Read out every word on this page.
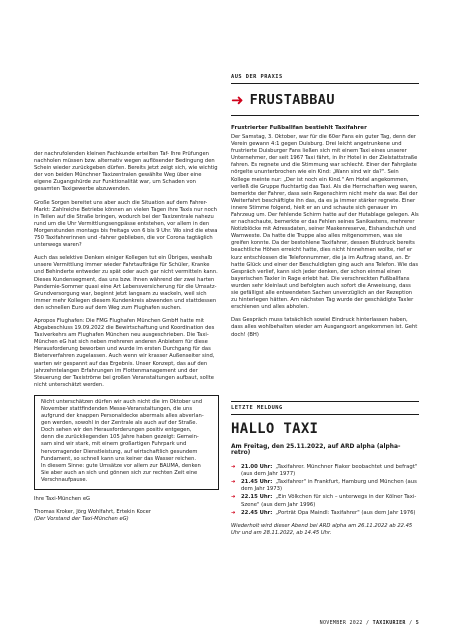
AUS DER PRAXIS
➜ FRUSTABBAU
Frustrierter Fußballfan bestiehlt Taxifahrer

Der Samstag, 3. Oktober, war für die 60er Fans ein guter Tag, denn der Verein gewann 4:1 gegen Duisburg. Drei leicht angetrunkene und frustrierte Duisburger Fans ließen sich mit einem Taxi eines unserer Unternehmer, der seit 1967 Taxi fährt, in ihr Hotel in der Zielstattstraße fahren. Es regnete und die Stimmung war schlecht. Einer der Fahrgäste nörgelte ununterbrochen wie ein Kind: „Wann sind wir da?". Sein Kollege meinte nur: „Der ist noch ein Kind." Am Hotel angekommen, verließ die Gruppe fluchtartig das Taxi. Als die Herrschaften weg waren, bemerkte der Fahrer, dass sein Regenschirm nicht mehr da war. Bei der Weiterfahrt beschäftigte ihn das, da es ja immer stärker regnete. Einer innere Stimme folgend, hielt er an und schaute sich genauer im Fahrzeug um. Der fehlende Schirm hatte auf der Hutablage gelegen. Als er nachschaute, bemerkte er das Fehlen seines Sanikastens, mehrerer Notizblöcke mit Adressdaten, seiner Maskenreserve, Eishandschuh und Warnweste. Da hatte die Truppe also alles mitgenommen, was sie greifen konnte. Da der bestohlene Taxifahrer, dessen Blutdruck bereits beachtliche Höhen erreicht hatte, dies nicht hinnehmen wollte, rief er kurz entschlossen die Telefonnummer, die ja im Auftrag stand, an. Er hatte Glück und einer der Beschuldigten ging auch ans Telefon. Wie das Gespräch verlief, kann sich jeder denken, der schon einmal einen bayerischen Taxler in Rage erlebt hat. Die verschreckten Fußballfans wurden sehr kleinlaut und befolgten auch sofort die Anweisung, dass sie gefälligst alle entwendeten Sachen unverzüglich an der Rezeption zu hinterlegen hätten. Am nächsten Tag wurde der geschädigte Taxler erschienen und alles abholen.

Das Gespräch muss tatsächlich sowiel Eindruck hinterlassen haben, dass alles wohlbehalten wieder am Ausgangsort angekommen ist. Geht doch! (BH)

der nachrufolenden kleinen Fachkunde erteilten Taf- Ihre Prüfungen nachholen müssen bzw. alternativ wegen auflösender Bedingung den Schein wieder zurückgeben dürfen. Bereits jetzt zeigt sich, wie wichtig der von beiden Münchner Taxizentralen gewählte Weg über eine eigene Zugangshürde zur Funktionalität war, um Schaden von gesamten Taxigewerbe abzuwenden.

Große Sorgen bereitet uns aber auch die Situation auf dem Fahrer-Markt: Zahlreiche Betriebe können an vielen Tagen ihre Taxis nur noch in Teilen auf die Straße bringen, wodurch bei der Taxizentrale nahezu rund um die Uhr Vermittlungsengpässe entstehen, vor allem in den Morgenstunden montags bis freitags von 6 bis 9 Uhr. Wo sind die etwa 750 Taxifahrerinnen und -fahrer geblieben, die vor Corona tagtäglich unterwegs waren?

Auch das selektive Denken einiger Kollegen tut ein Übriges, weshalb unsere Vermittlung immer wieder Fahrtaufträge für Schüler, Kranke und Behinderte entweder zu spät oder auch gar nicht vermitteln kann. Dieses Kundensegment, das uns bzw. Ihnen während der zwei harten Pandemie-Sommer quasi eine Art Lebensversicherung für die Umsatz-Grundversorgung war, beginnt jetzt langsam zu wackeln, weil sich immer mehr Kollegen diesem Kundenkreis abwenden und stattdessen den schnellen Euro auf dem Weg zum Flughafen suchen.

Apropos Flughafen: Die FMG Flughafen München GmbH hatte mit Abgabeschluss 19.09.2022 die Bewirtschaftung und Koordination des Taxiverkehrs am Flughafen München neu ausgeschrieben. Die Taxi-München eG hat sich neben mehreren anderen Anbietern für diese Herausforderung beworben und wurde im ersten Durchgang für das Bieterverfahren zugelassen. Auch wenn wir krasser Außenseiter sind, warten wir gespannt auf das Ergebnis. Unser Konzept, das auf den jahrzehntelangen Erfahrungen im Flottenmanagement und der Steuerung der Taxiströme bei großen Veranstaltungen aufbaut, sollte nicht unterschätzt werden.

Nicht unterschätzen dürfen wir auch nicht die im Oktober und
November stattfindenden Messe-Veranstaltungen, die uns
aufgrund der knappen Personaldecke abermals alles abverlan-
gen werden, sowohl in der Zentrale als auch auf der Straße.
Doch sehen wir den Herausforderungen positiv entgegen,
denn die zurückliegenden 105 Jahre haben gezeigt: Gemein-
sam sind wir stark, mit einem großartigen Fuhrpark und
hervorragender Dienstleistung, auf wirtschaftlich gesundem
Fundament, so schnell kann uns keiner das Wasser reichen.
In diesem Sinne: gute Umsätze vor allem zur BAUMA, denken
Sie aber auch an sich und gönnen sich zur rechten Zeit eine
Verschnaufpause.
Ihre Taxi-München eG
Thomas Kroker, Jörg Wohlfahrt, Ertekin Kocer
(Der Vorstand der Taxi-München eG)
LETZTE MELDUNG
HALLO TAXI
Am Freitag, den 25.11.2022, auf ARD alpha (alpha-retro)
➜	21.00 Uhr: „Taxifahrer. Münchner Fiaker beobachtet und befragt" (aus dem Jahr 1977)
➜	21.45 Uhr: „Taxifahrer" in Frankfurt, Hamburg und München (aus dem Jahr 1973)
➜	22.15 Uhr: „Ein Völkchen für sich – unterwegs in der Kölner Taxi-Szene" (aus dem Jahr 1996)
➜	22.45 Uhr: „Porträt Opa Maindl: Taxifahrer" (aus dem Jahr 1976)
Wiederholt wird dieser Abend bei ARD alpha am 26.11.2022 ab 22.45 Uhr und am 28.11.2022, ab 14.45 Uhr.
NOVEMBER 2022 / TAXIKURIER / 5
